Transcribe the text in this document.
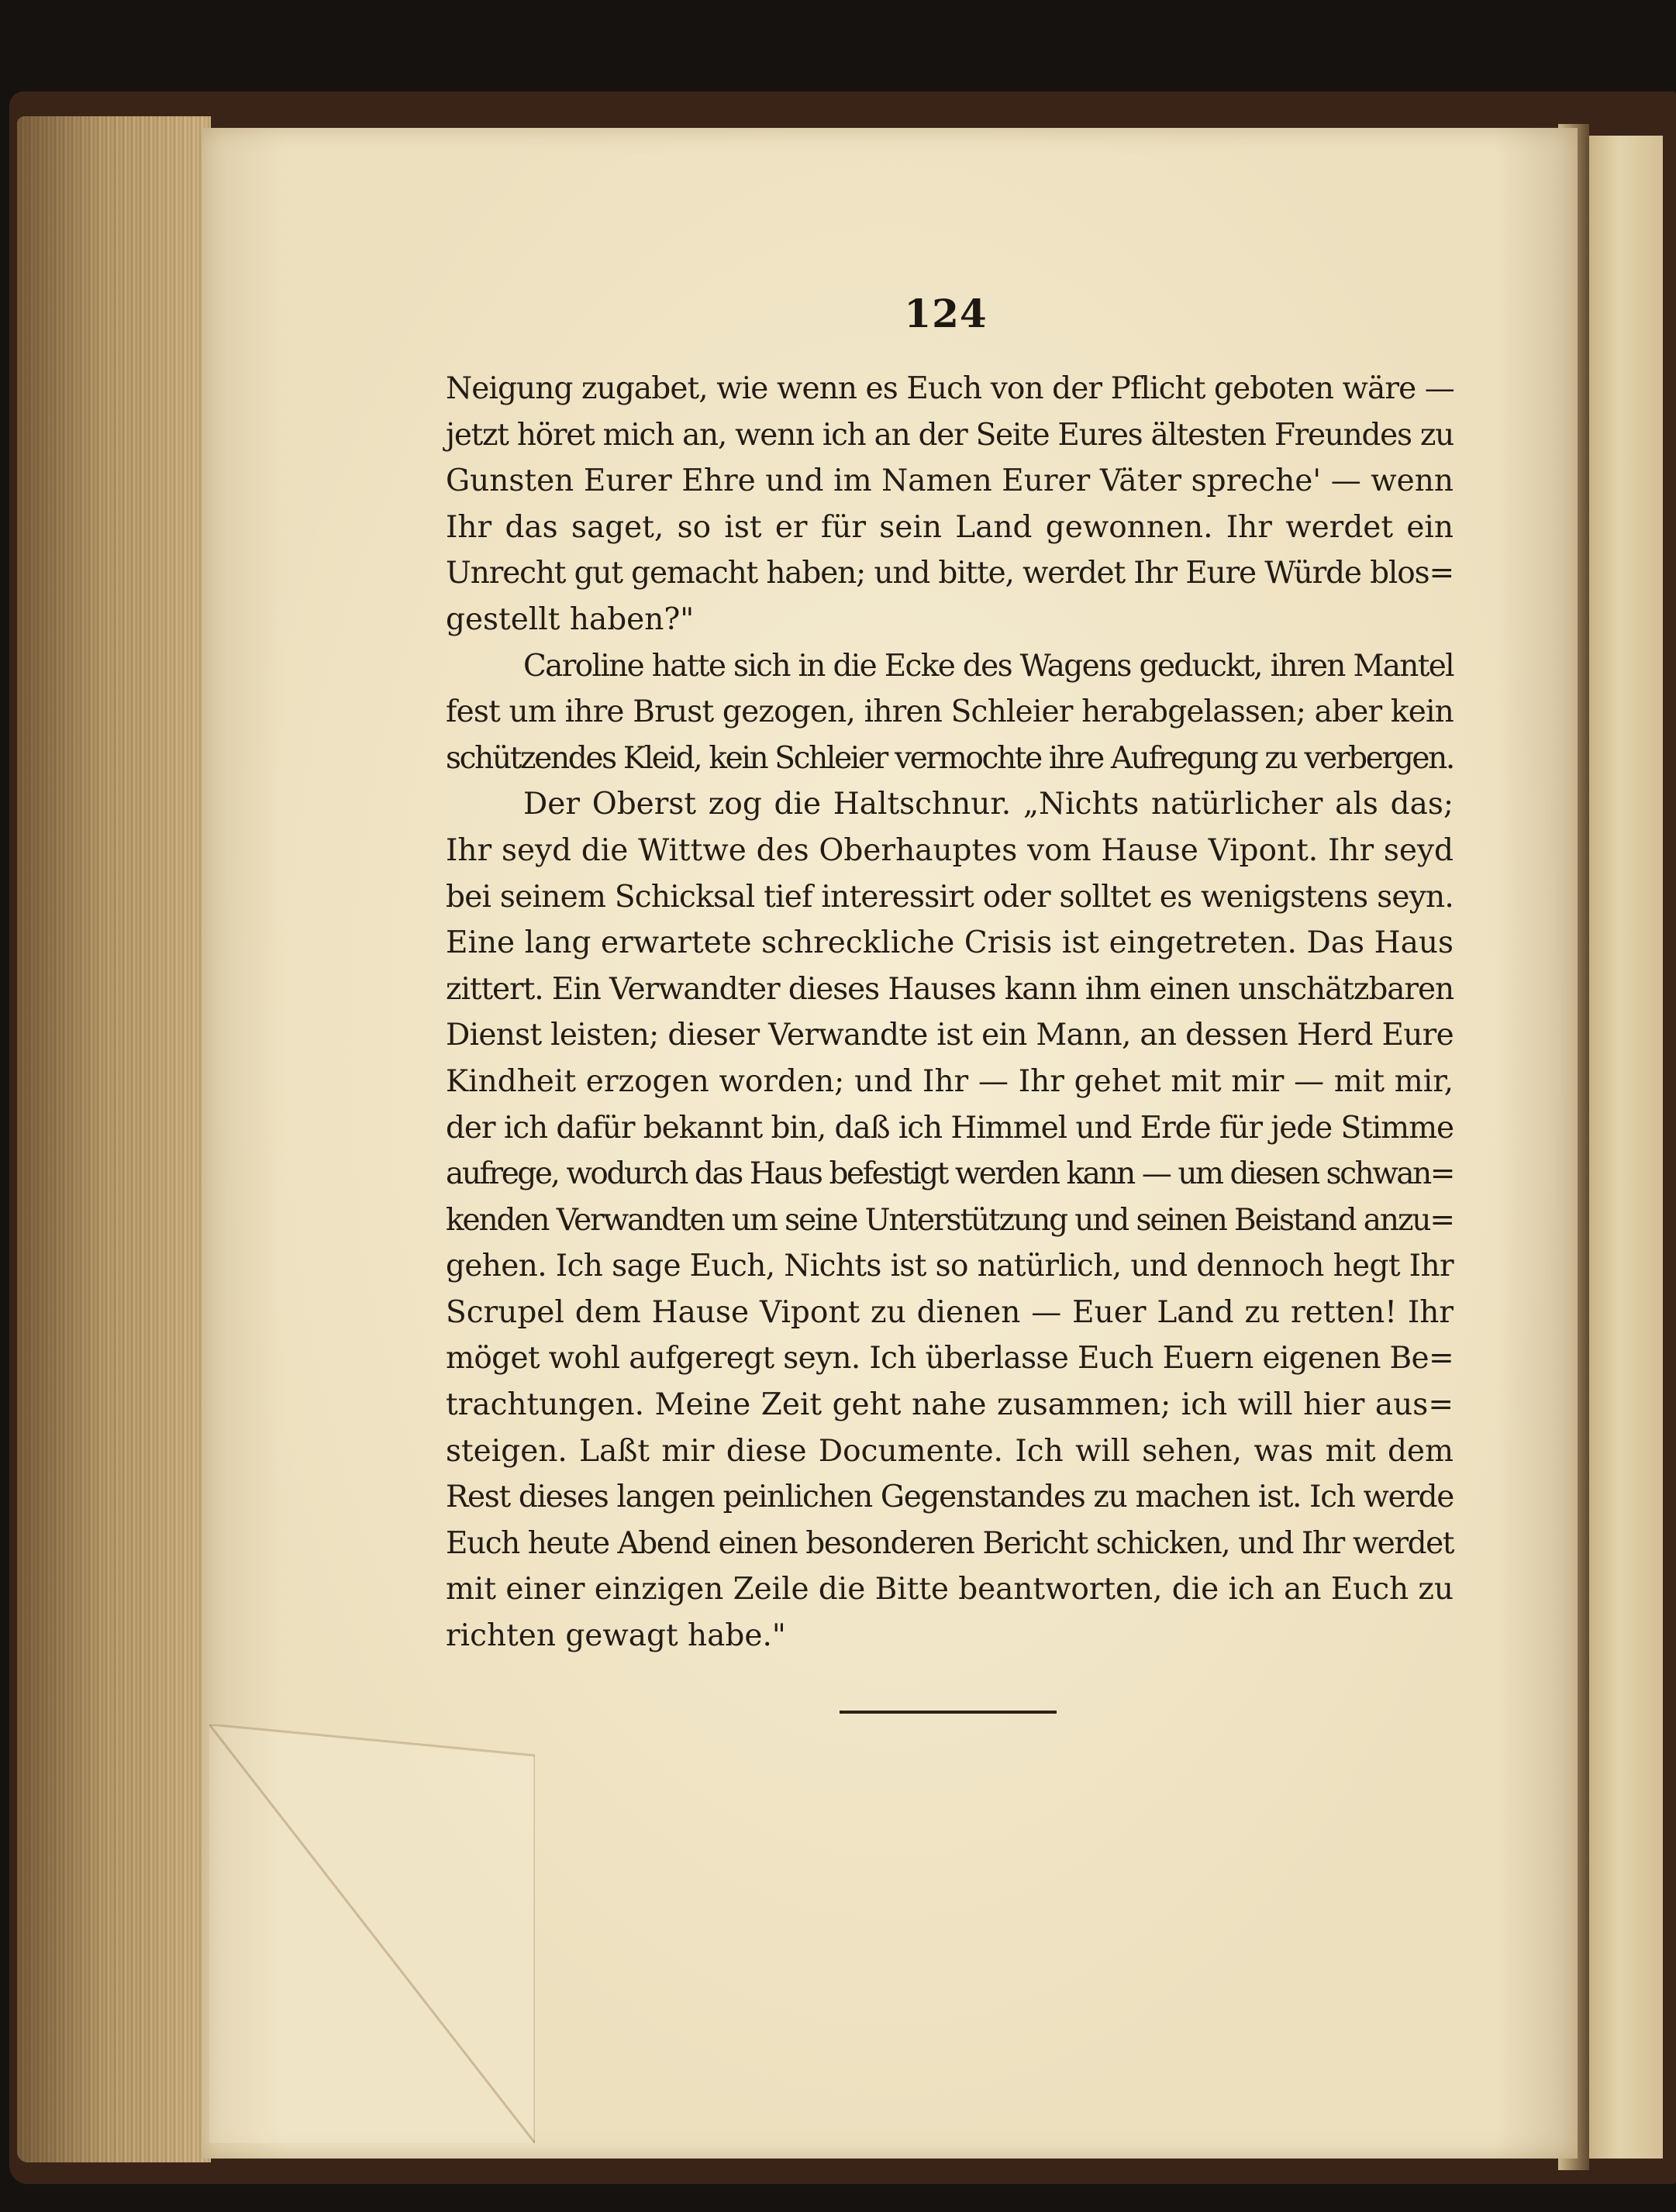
124
Neigung zugabet, wie wenn es Euch von der Pflicht geboten wäre —
jetzt höret mich an, wenn ich an der Seite Eures ältesten Freundes zu
Gunsten Eurer Ehre und im Namen Eurer Väter spreche' — wenn
Ihr das saget, so ist er für sein Land gewonnen. Ihr werdet ein
Unrecht gut gemacht haben; und bitte, werdet Ihr Eure Würde blos=
gestellt haben?"
Caroline hatte sich in die Ecke des Wagens geduckt, ihren Mantel
fest um ihre Brust gezogen, ihren Schleier herabgelassen; aber kein
schützendes Kleid, kein Schleier vermochte ihre Aufregung zu verbergen.
Der Oberst zog die Haltschnur. „Nichts natürlicher als das;
Ihr seyd die Wittwe des Oberhauptes vom Hause Vipont. Ihr seyd
bei seinem Schicksal tief interessirt oder solltet es wenigstens seyn.
Eine lang erwartete schreckliche Crisis ist eingetreten. Das Haus
zittert. Ein Verwandter dieses Hauses kann ihm einen unschätzbaren
Dienst leisten; dieser Verwandte ist ein Mann, an dessen Herd Eure
Kindheit erzogen worden; und Ihr — Ihr gehet mit mir — mit mir,
der ich dafür bekannt bin, daß ich Himmel und Erde für jede Stimme
aufrege, wodurch das Haus befestigt werden kann — um diesen schwan=
kenden Verwandten um seine Unterstützung und seinen Beistand anzu=
gehen. Ich sage Euch, Nichts ist so natürlich, und dennoch hegt Ihr
Scrupel dem Hause Vipont zu dienen — Euer Land zu retten! Ihr
möget wohl aufgeregt seyn. Ich überlasse Euch Euern eigenen Be=
trachtungen. Meine Zeit geht nahe zusammen; ich will hier aus=
steigen. Laßt mir diese Documente. Ich will sehen, was mit dem
Rest dieses langen peinlichen Gegenstandes zu machen ist. Ich werde
Euch heute Abend einen besonderen Bericht schicken, und Ihr werdet
mit einer einzigen Zeile die Bitte beantworten, die ich an Euch zu
richten gewagt habe."
